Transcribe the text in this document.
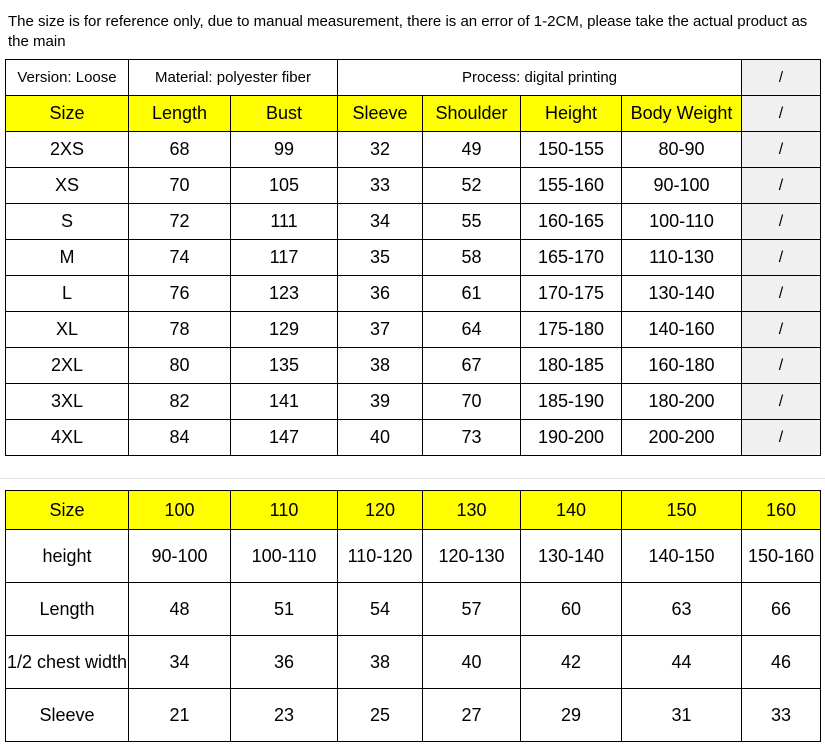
The size is for reference only, due to manual measurement, there is an error of 1-2CM, please take the actual product as the main
Version: Loose	Material: polyester fiber		Process: digital printing				/
Size	Length	Bust	Sleeve	Shoulder	Height	Body Weight	/
2XS	68	99	32	49	150-155	80-90	/
XS	70	105	33	52	155-160	90-100	/
S	72	111	34	55	160-165	100-110	/
M	74	117	35	58	165-170	110-130	/
L	76	123	36	61	170-175	130-140	/
XL	78	129	37	64	175-180	140-160	/
2XL	80	135	38	67	180-185	160-180	/
3XL	82	141	39	70	185-190	180-200	/
4XL	84	147	40	73	190-200	200-200	/
Size	100	110	120	130	140	150	160
height	90-100	100-110	110-120	120-130	130-140	140-150	150-160
Length	48	51	54	57	60	63	66
1/2 chest width	34	36	38	40	42	44	46
Sleeve	21	23	25	27	29	31	33
